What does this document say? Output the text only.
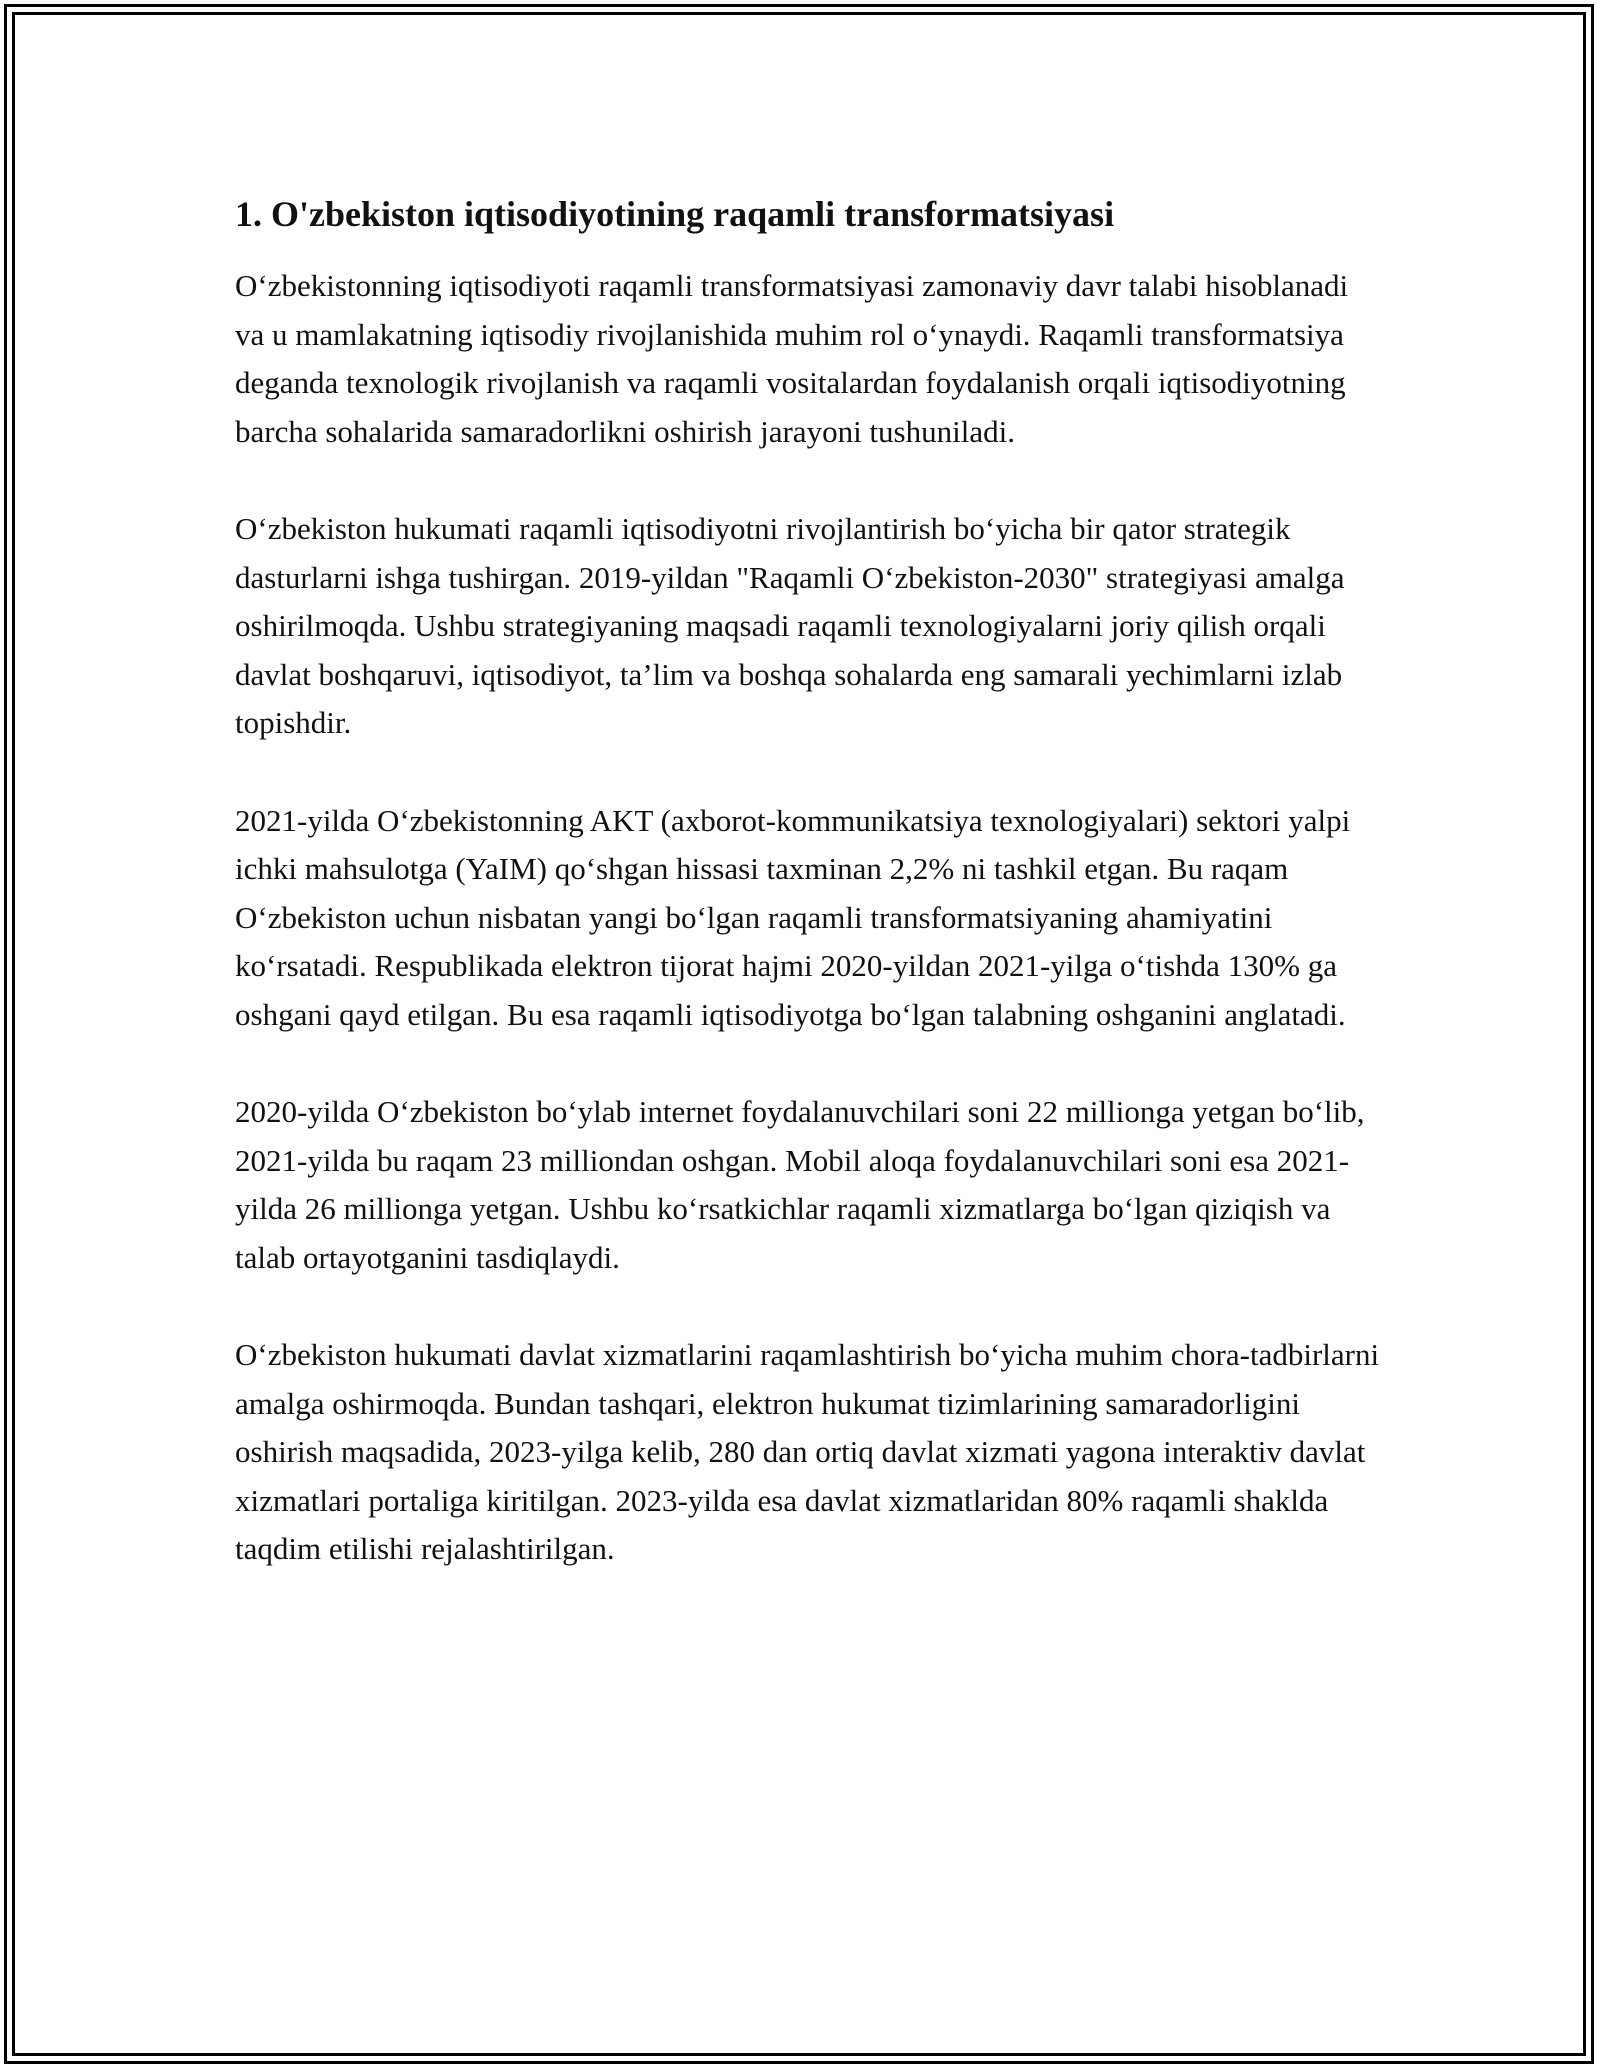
1. O'zbekiston iqtisodiyotining raqamli transformatsiyasi

O‘zbekistonning iqtisodiyoti raqamli transformatsiyasi zamonaviy davr talabi hisoblanadi va u mamlakatning iqtisodiy rivojlanishida muhim rol o‘ynaydi. Raqamli transformatsiya deganda texnologik rivojlanish va raqamli vositalardan foydalanish orqali iqtisodiyotning barcha sohalarida samaradorlikni oshirish jarayoni tushuniladi.

O‘zbekiston hukumati raqamli iqtisodiyotni rivojlantirish bo‘yicha bir qator strategik dasturlarni ishga tushirgan. 2019-yildan "Raqamli O‘zbekiston-2030" strategiyasi amalga oshirilmoqda. Ushbu strategiyaning maqsadi raqamli texnologiyalarni joriy qilish orqali davlat boshqaruvi, iqtisodiyot, ta’lim va boshqa sohalarda eng samarali yechimlarni izlab topishdir.

2021-yilda O‘zbekistonning AKT (axborot-kommunikatsiya texnologiyalari) sektori yalpi ichki mahsulotga (YaIM) qo‘shgan hissasi taxminan 2,2% ni tashkil etgan. Bu raqam O‘zbekiston uchun nisbatan yangi bo‘lgan raqamli transformatsiyaning ahamiyatini ko‘rsatadi. Respublikada elektron tijorat hajmi 2020-yildan 2021-yilga o‘tishda 130% ga oshgani qayd etilgan. Bu esa raqamli iqtisodiyotga bo‘lgan talabning oshganini anglatadi.

2020-yilda O‘zbekiston bo‘ylab internet foydalanuvchilari soni 22 millionga yetgan bo‘lib, 2021-yilda bu raqam 23 milliondan oshgan. Mobil aloqa foydalanuvchilari soni esa 2021-yilda 26 millionga yetgan. Ushbu ko‘rsatkichlar raqamli xizmatlarga bo‘lgan qiziqish va talab ortayotganini tasdiqlaydi.

O‘zbekiston hukumati davlat xizmatlarini raqamlashtirish bo‘yicha muhim chora-tadbirlarni amalga oshirmoqda. Bundan tashqari, elektron hukumat tizimlarining samaradorligini oshirish maqsadida, 2023-yilga kelib, 280 dan ortiq davlat xizmati yagona interaktiv davlat xizmatlari portaliga kiritilgan. 2023-yilda esa davlat xizmatlaridan 80% raqamli shaklda taqdim etilishi rejalashtirilgan.
